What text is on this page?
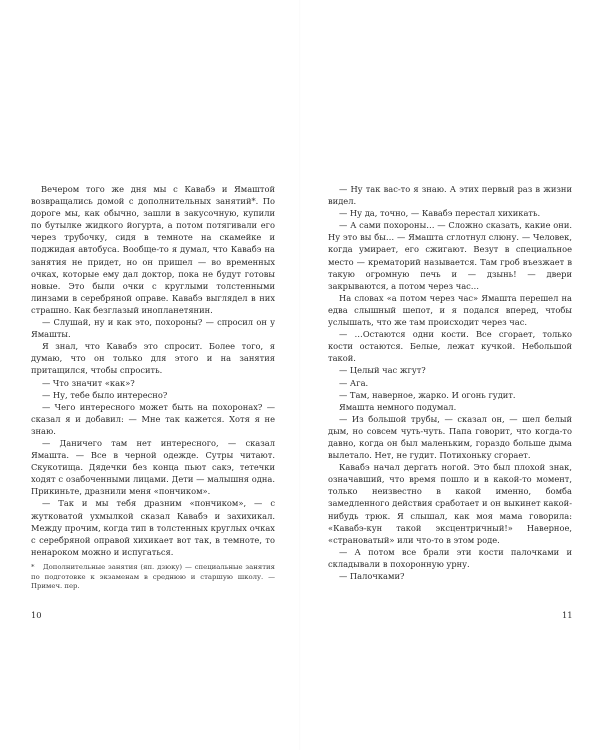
Вечером того же дня мы с Кавабэ и Ямаштой возвращались домой с дополнительных занятий*. По дороге мы, как обычно, зашли в закусочную, купили по бутылке жидкого йогурта, а потом потягивали его через трубочку, сидя в темноте на скамейке и поджидая автобуса. Вообще-то я думал, что Кавабэ на занятия не придет, но он пришел — во временных очках, которые ему дал доктор, пока не будут готовы новые. Это были очки с круглыми толстенными линзами в серебряной оправе. Кавабэ выглядел в них страшно. Как безглазый инопланетянин.

— Слушай, ну и как это, похороны? — спросил он у Ямашты.

Я знал, что Кавабэ это спросит. Более того, я думаю, что он только для этого и на занятия притащился, чтобы спросить.

— Что значит «как»?

— Ну, тебе было интересно?

— Чего интересного может быть на похоронах? — сказал я и добавил: — Мне так кажется. Хотя я не знаю.

— Даничего там нет интересного, — сказал Ямашта. — Все в черной одежде. Сутры читают. Скукотища. Дядечки без конца пьют сакэ, тетечки ходят с озабоченными лицами. Дети — малышня одна. Прикиньте, дразнили меня «пончиком».

— Так и мы тебя дразним «пончиком», — с жутковатой ухмылкой сказал Кавабэ и захихикал. Между прочим, когда тип в толстенных круглых очках с серебряной оправой хихикает вот так, в темноте, то ненароком можно и испугаться.

* Дополнительные занятия (яп. дзюку) — специальные занятия по подготовке к экзаменам в среднюю и старшую школу. — Примеч. пер.
10

— Ну так вас-то я знаю. А этих первый раз в жизни видел.

— Ну да, точно, — Кавабэ перестал хихикать.

— А сами похороны… — Сложно сказать, какие они. Ну это вы бы… — Ямашта сглотнул слюну. — Человек, когда умирает, его сжигают. Везут в специальное место — крематорий называется. Там гроб въезжает в такую огромную печь и — дзынь! — двери закрываются, а потом через час…

На словах «а потом через час» Ямашта перешел на едва слышный шепот, и я подался вперед, чтобы услышать, что же там происходит через час.

— …Остаются одни кости. Все сгорает, только кости остаются. Белые, лежат кучкой. Небольшой такой.

— Целый час жгут?

— Ага.

— Там, наверное, жарко. И огонь гудит.

Ямашта немного подумал.

— Из большой трубы, — сказал он, — шел белый дым, но совсем чуть-чуть. Папа говорит, что когда-то давно, когда он был маленьким, гораздо больше дыма вылетало. Нет, не гудит. Потихоньку сгорает.

Кавабэ начал дергать ногой. Это был плохой знак, означавший, что время пошло и в какой-то момент, только неизвестно в какой именно, бомба замедленного действия сработает и он выкинет какой-нибудь трюк. Я слышал, как моя мама говорила: «Кавабэ-кун такой эксцентричный!» Наверное, «страноватый» или что-то в этом роде.

— А потом все брали эти кости палочками и складывали в похоронную урну.

— Палочками?

11
